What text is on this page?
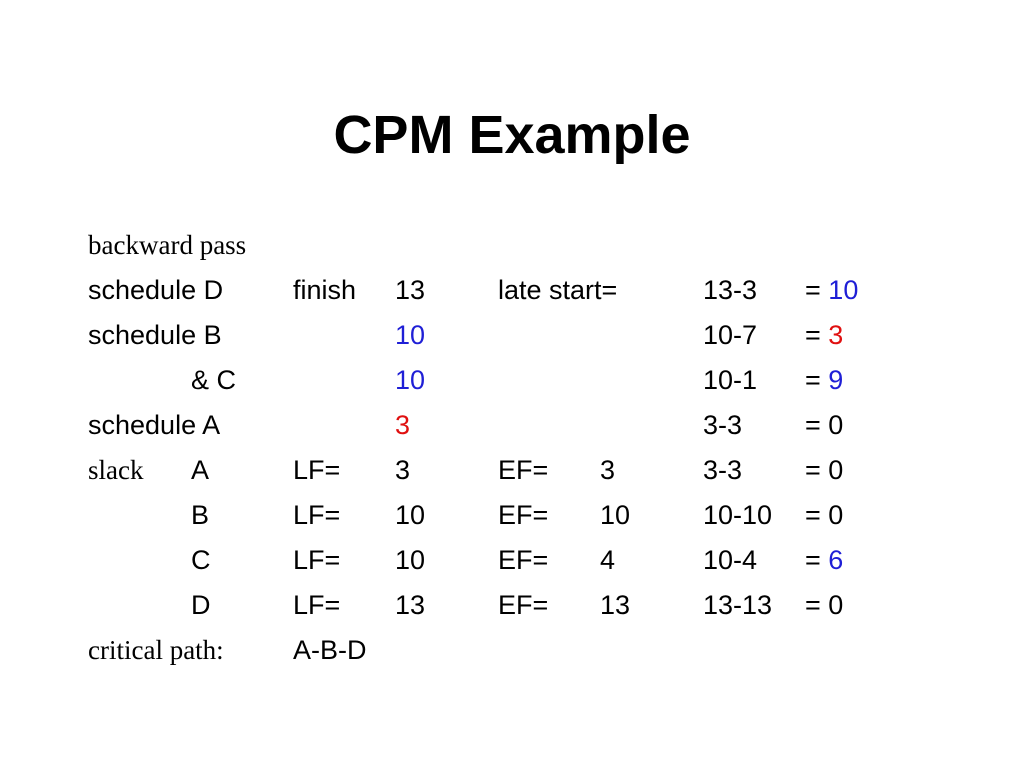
CPM Example
backward pass
schedule D	finish 13	late start=	13-3 = 10
schedule B	10	10-7 = 3
& C	10	10-1 = 9
schedule A	3	3-3 = 0
slack A	LF= 3	EF= 3	3-3 = 0
B	LF= 10	EF= 10	10-10 = 0
C	LF= 10	EF= 4	10-4 = 6
D	LF= 13	EF= 13	13-13 = 0
critical path:	A-B-D
